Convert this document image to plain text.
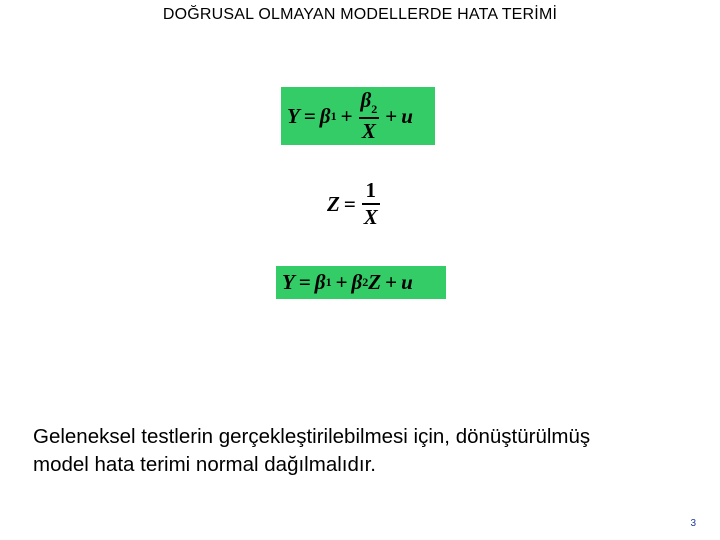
DOĞRUSAL OLMAYAN MODELLERDE HATA TERİMİ
Y = β $1 + \frac{\beta_2}{X} + u$
$Z = \frac{1}{X}$
Y = β 1 + β 2 Z + u
Geleneksel testlerin gerçekleştirilebilmesi için, dönüştürülmüş
model hata terimi normal dağılmalıdır.
3
